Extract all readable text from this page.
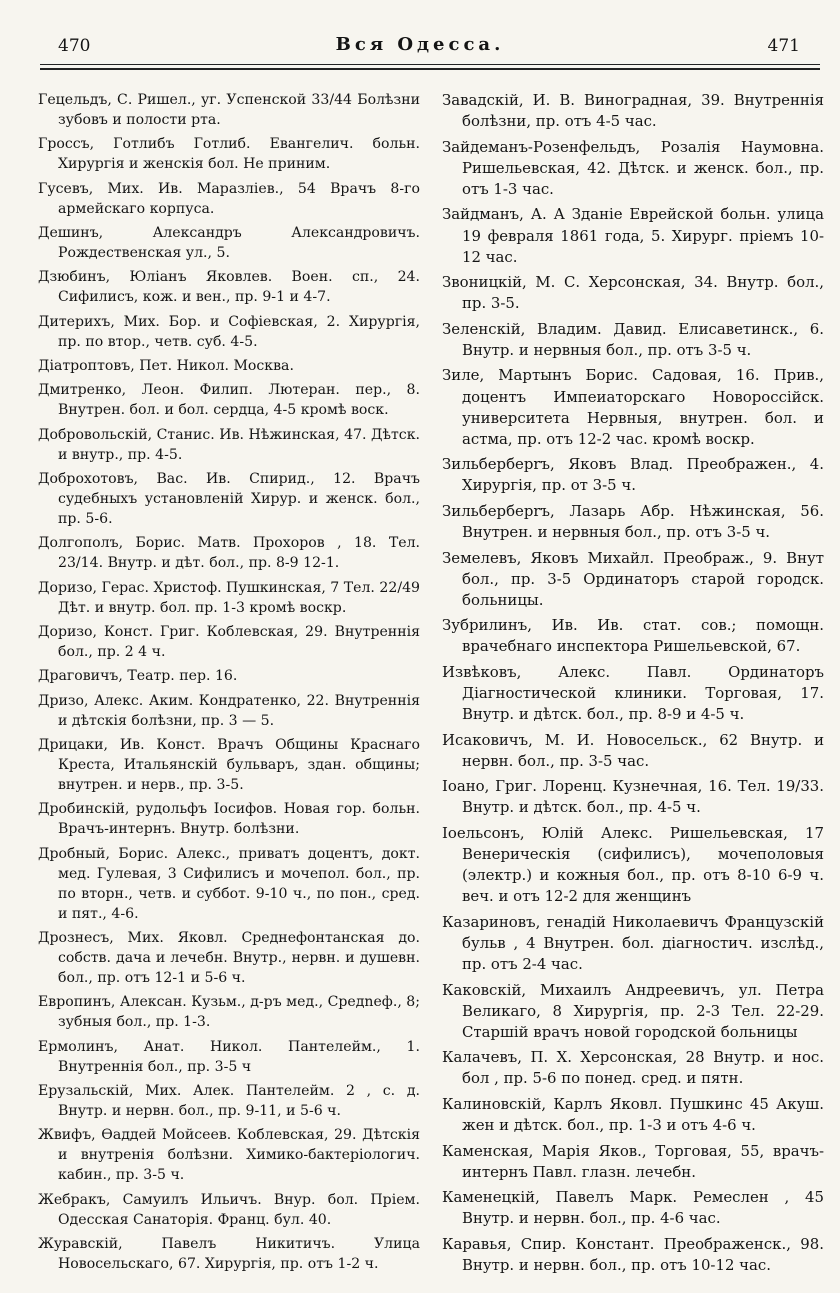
470	Вся Одесса.	471
Гецельдъ, С. Ришел., уг. Успенской 33/44 Болѣзни зубовъ и полости рта.
Гроссъ, Готлибъ Готлиб. Евангелич. больн. Хирургія и женскія бол. Не приним.
Гусевъ, Мих. Ив. Маразліев., 54 Врачъ 8-го армейскаго корпуса.
Дешинъ, Александръ Александровичъ. Рождественская ул., 5.
Дзюбинъ, Юліанъ Яковлев. Воен. сп., 24. Сифилисъ, кож. и вен., пр. 9-1 и 4-7.
Дитерихъ, Мих. Бор. и Софіевская, 2. Хирургія, пр. по втор., четв. суб. 4-5.
Діатроптовъ, Пет. Никол. Москва.
Дмитренко, Леон. Филип. Лютеран. пер., 8. Внутрен. бол. и бол. сердца, 4-5 кромѣ воск.
Добровольскій, Станис. Ив. Нѣжинская, 47. Дѣтск. и внутр., пр. 4-5.
Доброхотовъ, Вас. Ив. Спирид., 12. Врачъ судебныхъ установленій Хирур. и женск. бол., пр. 5-6.
Долгополъ, Борис. Матв. Прохоров , 18. Тел. 23/14. Внутр. и дѣт. бол., пр. 8-9 12-1.
Доризо, Герас. Христоф. Пушкинская, 7 Тел. 22/49 Дѣт. и внутр. бол. пр. 1-3 кромѣ воскр.
Доризо, Конст. Григ. Коблевская, 29. Внутреннія бол., пр. 2 4 ч.
Драговичъ, Театр. пер. 16.
Дризо, Алекс. Аким. Кондратенко, 22. Внутреннія и дѣтскія болѣзни, пр. 3 — 5.
Дрицаки, Ив. Конст. Врачъ Общины Краснаго Креста, Итальянскій бульваръ, здан. общины; внутрен. и нерв., пр. 3-5.
Дробинскій, рудольфъ Іосифов. Новая гор. больн. Врачъ-интернъ. Внутр. болѣзни.
Дробный, Борис. Алекс., приватъ доцентъ, докт. мед. Гулевая, 3 Сифилисъ и мочепол. бол., пр. по вторн., четв. и суббот. 9-10 ч., по пон., сред. и пят., 4-6.
Дрознесъ, Мих. Яковл. Среднефонтанская до. собств. дача и лечебн. Внутр., нервн. и душевн. бол., пр. отъ 12-1 и 5-6 ч.
Европинъ, Алексан. Кузьм., д-ръ мед., Средnеф., 8; зубныя бол., пр. 1-3.
Ермолинъ, Анат. Никол. Пантелейм., 1. Внутреннія бол., пр. 3-5 ч
Ерузальскій, Мих. Алек. Пантелейм. 2 , с. д. Внутр. и нервн. бол., пр. 9-11, и 5-6 ч.
Жвифъ, Ѳаддей Мойсеев. Коблевская, 29. Дѣтскія и внутренія болѣзни. Химико-бактеріологич. кабин., пр. 3-5 ч.
Жебракъ, Самуилъ Ильичъ. Внур. бол. Пріем. Одесская Санаторія. Франц. бул. 40.
Журавскій, Павелъ Никитичъ. Улица Новосельскаго, 67. Хирургія, пр. отъ 1-2 ч.
Завадскій, И. В. Виноградная, 39. Внутреннія болѣзни, пр. отъ 4-5 час.
Зайдеманъ-Розенфельдъ, Розалія Наумовна. Ришельевская, 42. Дѣтск. и женск. бол., пр. отъ 1-3 час.
Зайдманъ, А. А Зданіе Еврейской больн. улица 19 февраля 1861 года, 5. Хирург. пріемъ 10-12 час.
Звоницкій, М. С. Херсонская, 34. Внутр. бол., пр. 3-5.
Зеленскій, Владим. Давид. Елисаветинск., 6. Внутр. и нервныя бол., пр. отъ 3-5 ч.
Зиле, Мартынъ Борис. Садовая, 16. Прив., доцентъ Импеиаторскаго Новороссійск. университета Нервныя, внутрен. бол. и астма, пр. отъ 12-2 час. кромѣ воскр.
Зильберберrъ, Яковъ Влад. Преображен., 4. Хирургія, пр. от 3-5 ч.
Зильберберrъ, Лазарь Абр. Нѣжинская, 56. Внутрен. и нервныя бол., пр. отъ 3-5 ч.
Земелевъ, Яковъ Михайл. Преображ., 9. Внут бол., пр. 3-5 Ординаторъ старой городск. больницы.
Зубрилинъ, Ив. Ив. стат. сов.; помощн. врачебнаго инспектора Ришельевской, 67.
Извѣковъ, Алекс. Павл. Ординаторъ Діагностической клиники. Торговая, 17. Внутр. и дѣтск. бол., пр. 8-9 и 4-5 ч.
Исаковичъ, М. И. Новосельск., 62 Внутр. и нервн. бол., пр. 3-5 час.
Іоано, Григ. Лоренц. Кузнечная, 16. Тел. 19/33. Внутр. и дѣтск. бол., пр. 4-5 ч.
Іоельсонъ, Юлій Алекс. Ришельевская, 17 Венерическія (сифилисъ), мочеполовыя (электр.) и кожныя бол., пр. отъ 8-10 6-9 ч. веч. и отъ 12-2 для женщинъ
Казариновъ, генадій Николаевичъ Французскій бульв , 4 Внутрен. бол. діагностич. изслѣд., пр. отъ 2-4 час.
Каковскій, Михаилъ Андреевичъ, ул. Петра Великаго, 8 Хирургія, пр. 2-3 Тел. 22-29. Старшій врачъ новой городской больницы
Калачевъ, П. Х. Херсонская, 28 Внутр. и нос. бол , пр. 5-6 по понед. сред. и пятн.
Калиновскій, Карлъ Яковл. Пушкинс 45 Акуш. жен и дѣтск. бол., пр. 1-3 и отъ 4-6 ч.
Каменская, Марія Яков., Торговая, 55, врачъ-интернъ Павл. глазн. лечебн.
Каменецкій, Павелъ Марк. Ремеслен , 45 Внутр. и нервн. бол., пр. 4-6 час.
Каравья, Спир. Констант. Преображенск., 98. Внутр. и нервн. бол., пр. отъ 10-12 час.
